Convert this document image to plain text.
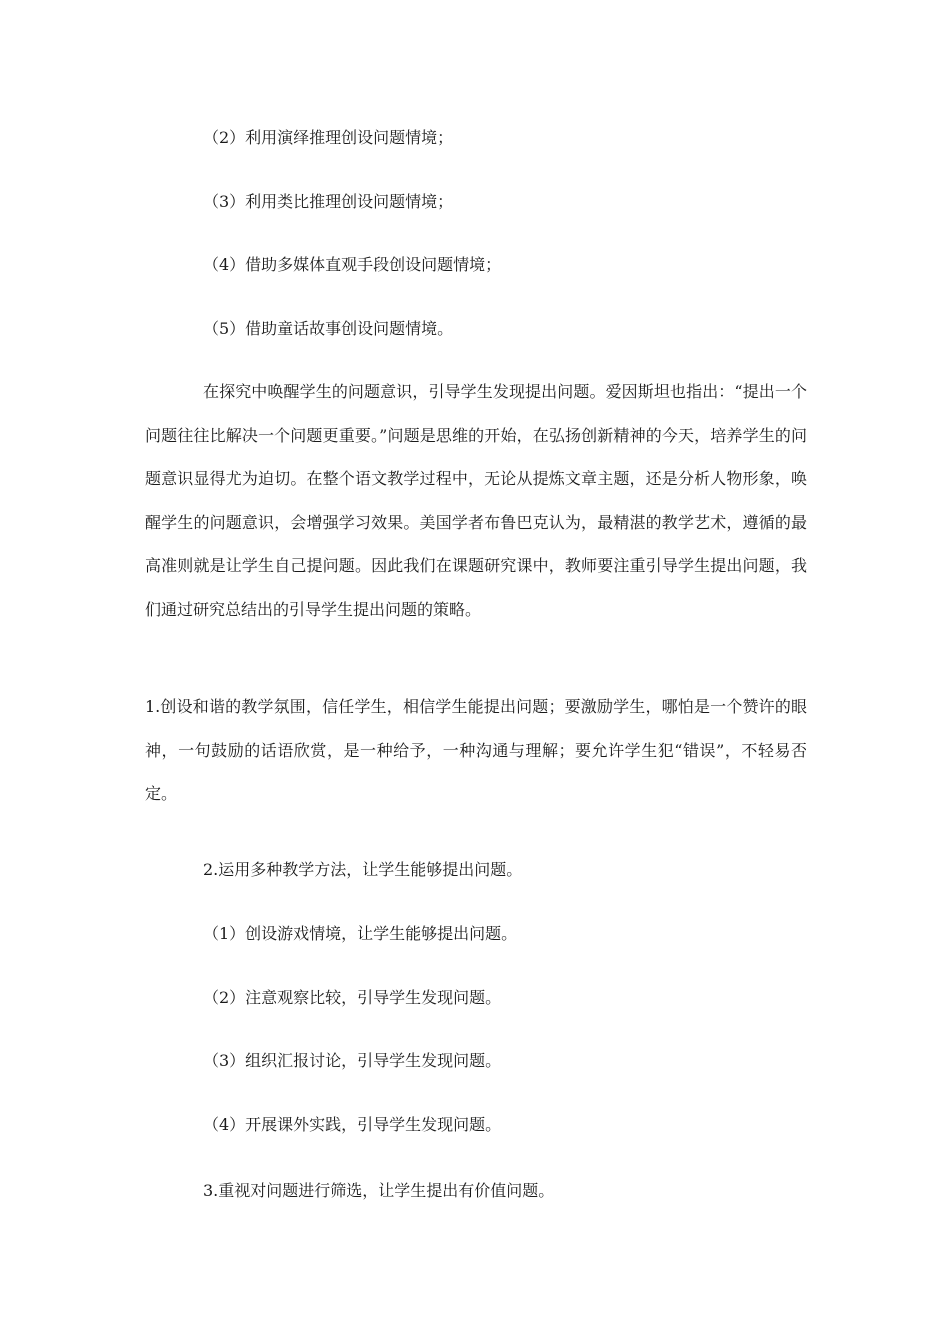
（2）利用演绎推理创设问题情境；
（3）利用类比推理创设问题情境；
（4）借助多媒体直观手段创设问题情境；
（5）借助童话故事创设问题情境。

在探究中唤醒学生的问题意识，引导学生发现提出问题。爱因斯坦也指出：“提出一个问题往往比解决一个问题更重要。”问题是思维的开始，在弘扬创新精神的今天，培养学生的问题意识显得尤为迫切。在整个语文教学过程中，无论从提炼文章主题，还是分析人物形象，唤醒学生的问题意识，会增强学习效果。美国学者布鲁巴克认为，最精湛的教学艺术，遵循的最高准则就是让学生自己提问题。因此我们在课题研究课中，教师要注重引导学生提出问题，我们通过研究总结出的引导学生提出问题的策略。

1.创设和谐的教学氛围，信任学生，相信学生能提出问题；要激励学生，哪怕是一个赞许的眼神，一句鼓励的话语欣赏，是一种给予，一种沟通与理解；要允许学生犯“错误”，不轻易否定。

2.运用多种教学方法，让学生能够提出问题。
（1）创设游戏情境，让学生能够提出问题。
（2）注意观察比较，引导学生发现问题。
（3）组织汇报讨论，引导学生发现问题。
（4）开展课外实践，引导学生发现问题。
3.重视对问题进行筛选，让学生提出有价值问题。
